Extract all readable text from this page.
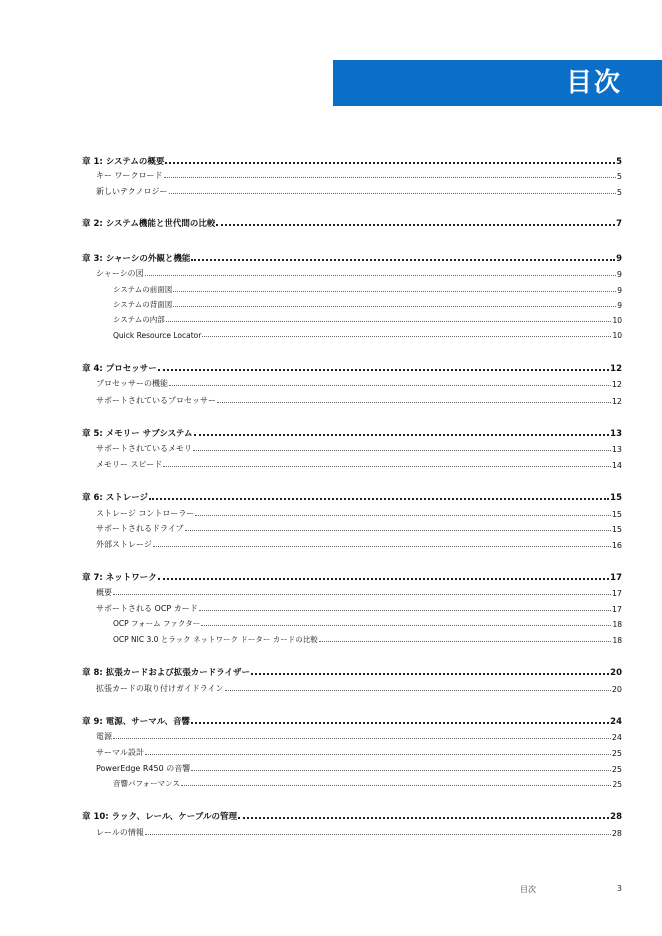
目次
章 1: システムの概要	5
キー ワークロード	5
新しいテクノロジー	5
章 2: システム機能と世代間の比較	7
章 3: シャーシの外観と機能	9
シャーシの図	9
システムの前面図	9
システムの背面図	9
システムの内部	10
Quick Resource Locator	10
章 4: プロセッサー	12
プロセッサーの機能	12
サポートされているプロセッサー	12
章 5: メモリー サブシステム	13
サポートされているメモリ	13
メモリー スピード	14
章 6: ストレージ	15
ストレージ コントローラー	15
サポートされるドライブ	15
外部ストレージ	16
章 7: ネットワーク	17
概要	17
サポートされる OCP カード	17
OCP フォーム ファクター	18
OCP NIC 3.0 とラック ネットワーク ドーター カードの比較	18
章 8: 拡張カードおよび拡張カードライザー	20
拡張カードの取り付けガイドライン	20
章 9: 電源、サーマル、音響	24
電源	24
サーマル設計	25
PowerEdge R450 の音響	25
音響パフォーマンス	25
章 10: ラック、レール、ケーブルの管理	28
レールの情報	28
目次	3
